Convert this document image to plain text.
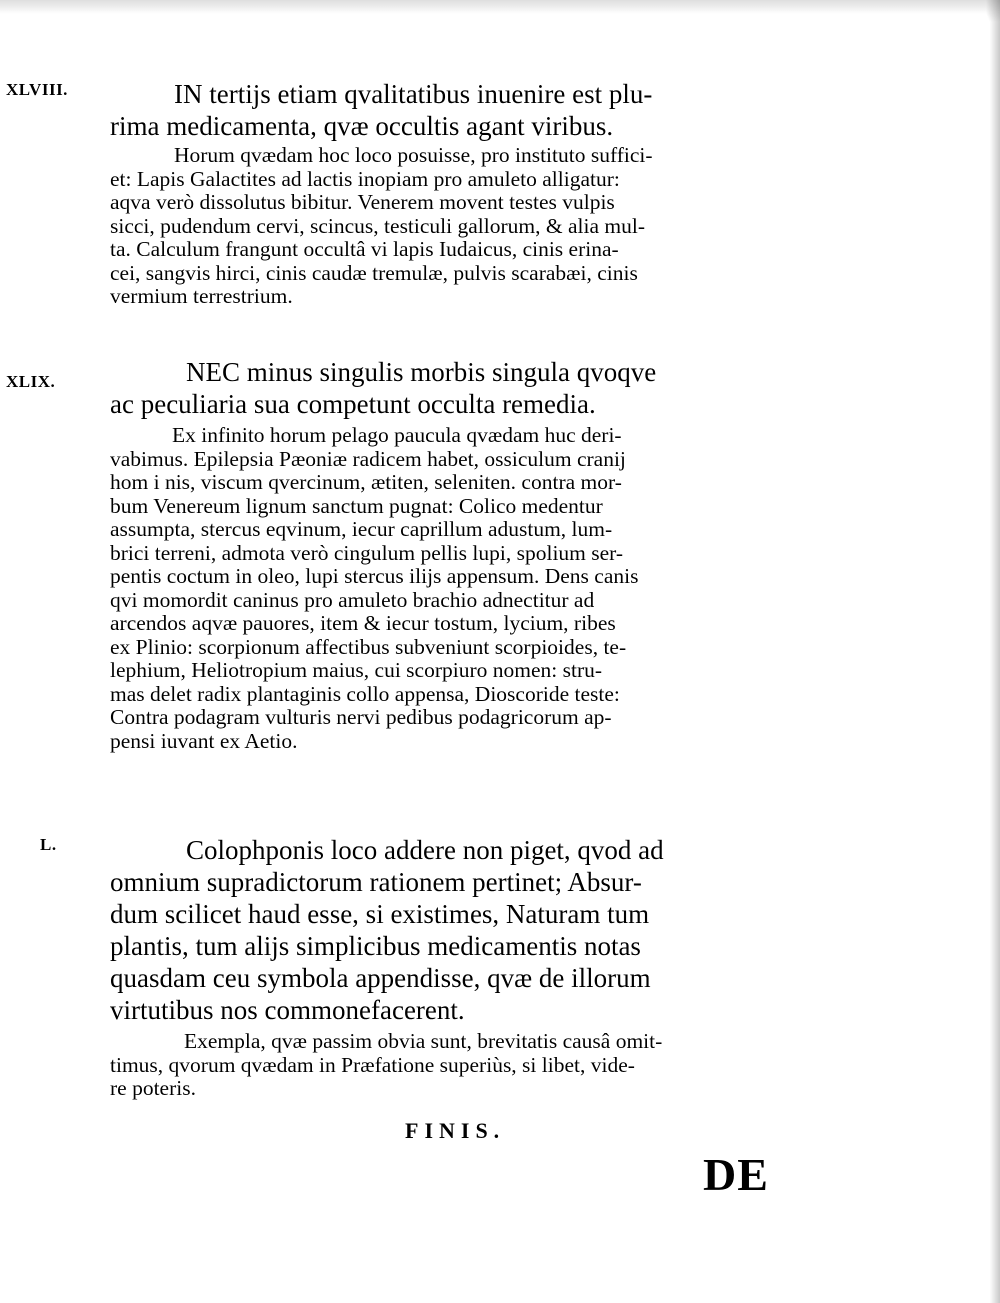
XLVIII.
XLIX.
L.
IN tertijs etiam qvalitatibus inuenire est plu-
rima medicamenta, qvæ occultis agant viribus.
Horum qvædam hoc loco posuisse, pro instituto suffici-
et: Lapis Galactites ad lactis inopiam pro amuleto alligatur:
aqva verò dissolutus bibitur. Venerem movent testes vulpis
sicci, pudendum cervi, scincus, testiculi gallorum, & alia mul-
ta. Calculum frangunt occultâ vi lapis Iudaicus, cinis erina-
cei, sangvis hirci, cinis caudæ tremulæ, pulvis scarabæi, cinis
vermium terrestrium.
NEC minus singulis morbis singula qvoqve
ac peculiaria sua competunt occulta remedia.
Ex infinito horum pelago paucula qvædam huc deri-
vabimus. Epilepsia Pæoniæ radicem habet, ossiculum cranij
hom i nis, viscum qvercinum, ætiten, seleniten. contra mor-
bum Venereum lignum sanctum pugnat: Colico medentur
assumpta, stercus eqvinum, iecur caprillum adustum, lum-
brici terreni, admota verò cingulum pellis lupi, spolium ser-
pentis coctum in oleo, lupi stercus ilijs appensum. Dens canis
qvi momordit caninus pro amuleto brachio adnectitur ad
arcendos aqvæ pauores, item & iecur tostum, lycium, ribes
ex Plinio: scorpionum affectibus subveniunt scorpioides, te-
lephium, Heliotropium maius, cui scorpiuro nomen: stru-
mas delet radix plantaginis collo appensa, Dioscoride teste:
Contra podagram vulturis nervi pedibus podagricorum ap-
pensi iuvant ex Aetio.
Colophponis loco addere non piget, qvod ad
omnium supradictorum rationem pertinet; Absur-
dum scilicet haud esse, si existimes, Naturam tum
plantis, tum alijs simplicibus medicamentis notas
quasdam ceu symbola appendisse, qvæ de illorum
virtutibus nos commonefacerent.
Exempla, qvæ passim obvia sunt, brevitatis causâ omit-
timus, qvorum qvædam in Præfatione superiùs, si libet, vide-
re poteris.
FINIS.
DE
